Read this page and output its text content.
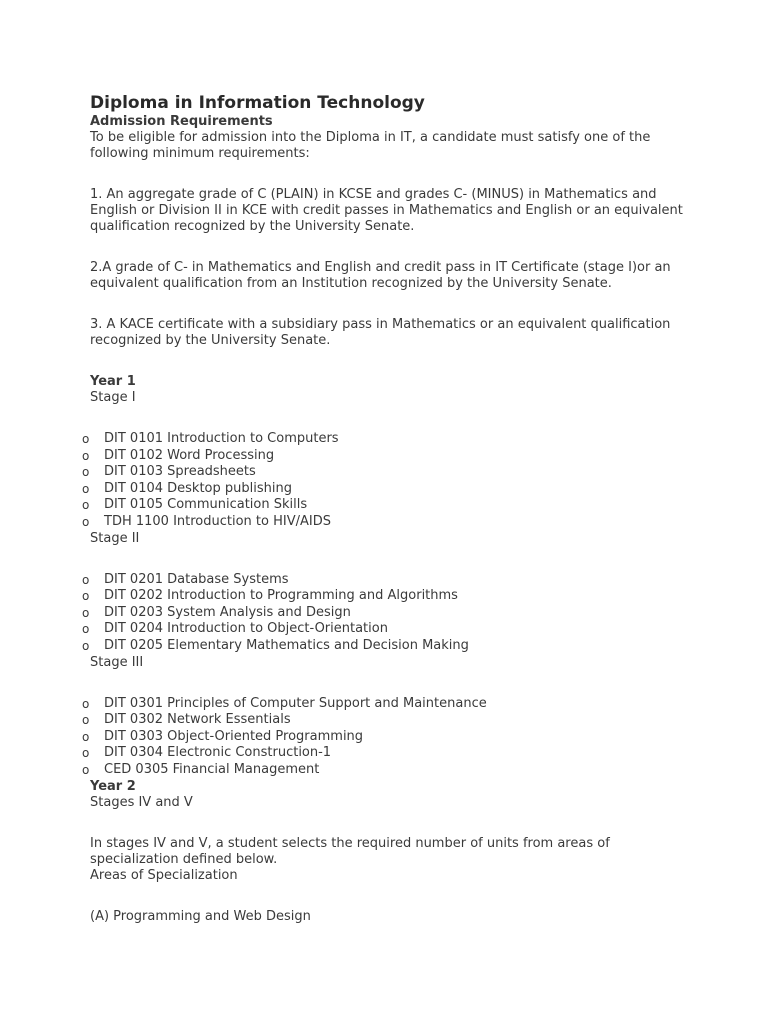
Diploma in Information Technology
Admission Requirements

To be eligible for admission into the Diploma in IT, a candidate must satisfy one of the following minimum requirements:

1. An aggregate grade of C (PLAIN) in KCSE and grades C- (MINUS) in Mathematics and English or Division II in KCE with credit passes in Mathematics and English or an equivalent qualification recognized by the University Senate.

2.A grade of C- in Mathematics and English and credit pass in IT Certificate (stage I)or an equivalent qualification from an Institution recognized by the University Senate.

3. A KACE certificate with a subsidiary pass in Mathematics or an equivalent qualification recognized by the University Senate.

Year 1
Stage I
o DIT 0101 Introduction to Computers
o DIT 0102 Word Processing
o DIT 0103 Spreadsheets
o DIT 0104 Desktop publishing
o DIT 0105 Communication Skills
o TDH 1100 Introduction to HIV/AIDS
Stage II
o DIT 0201 Database Systems
o DIT 0202 Introduction to Programming and Algorithms
o DIT 0203 System Analysis and Design
o DIT 0204 Introduction to Object-Orientation
o DIT 0205 Elementary Mathematics and Decision Making
Stage III
o DIT 0301 Principles of Computer Support and Maintenance
o DIT 0302 Network Essentials
o DIT 0303 Object-Oriented Programming
o DIT 0304 Electronic Construction-1
o CED 0305 Financial Management
Year 2
Stages IV and V

In stages IV and V, a student selects the required number of units from areas of specialization defined below.

Areas of Specialization
(A) Programming and Web Design
